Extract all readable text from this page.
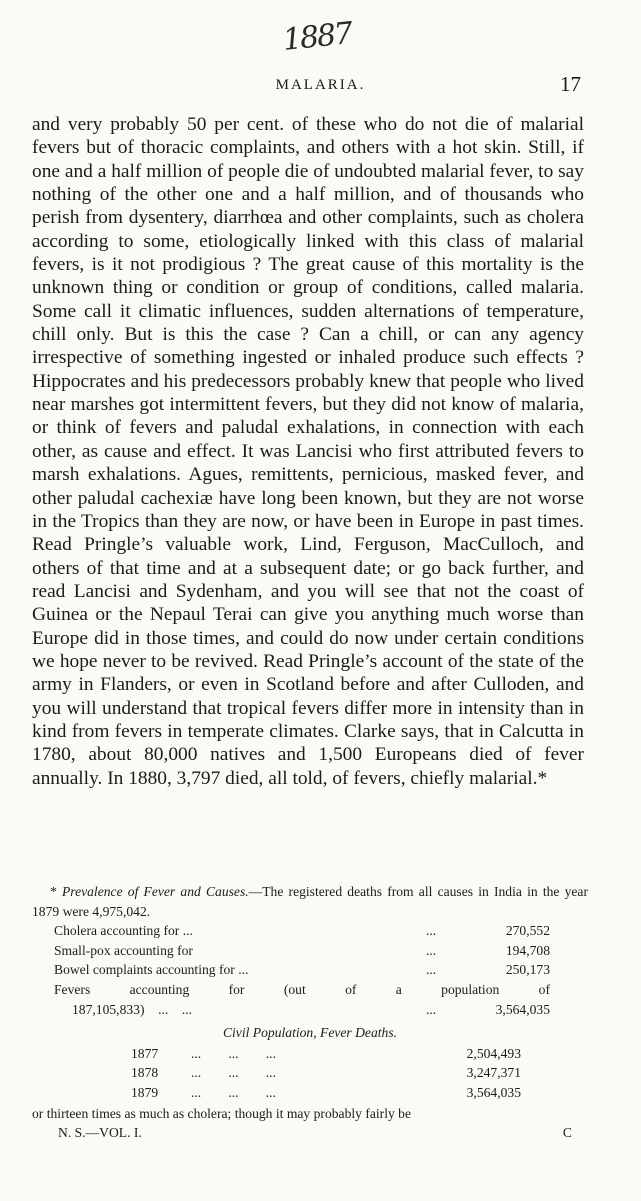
1887
MALARIA.	17

and very probably 50 per cent. of these who do not die of malarial fevers but of thoracic complaints, and others with a hot skin. Still, if one and a half million of people die of undoubted malarial fever, to say nothing of the other one and a half million, and of thousands who perish from dysentery, diarrhœa and other complaints, such as cholera according to some, etiologically linked with this class of malarial fevers, is it not prodigious ? The great cause of this mortality is the unknown thing or condition or group of conditions, called malaria. Some call it climatic influences, sudden alternations of temperature, chill only. But is this the case ? Can a chill, or can any agency irrespective of something ingested or inhaled produce such effects ? Hippocrates and his predecessors probably knew that people who lived near marshes got intermittent fevers, but they did not know of malaria, or think of fevers and paludal exhalations, in connection with each other, as cause and effect. It was Lancisi who first attributed fevers to marsh exhalations. Agues, remittents, pernicious, masked fever, and other paludal cachexiæ have long been known, but they are not worse in the Tropics than they are now, or have been in Europe in past times. Read Pringle’s valuable work, Lind, Ferguson, MacCulloch, and others of that time and at a subsequent date; or go back further, and read Lancisi and Sydenham, and you will see that not the coast of Guinea or the Nepaul Terai can give you anything much worse than Europe did in those times, and could do now under certain conditions we hope never to be revived. Read Pringle’s account of the state of the army in Flanders, or even in Scotland before and after Culloden, and you will understand that tropical fevers differ more in intensity than in kind from fevers in temperate climates. Clarke says, that in Calcutta in 1780, about 80,000 natives and 1,500 Europeans died of fever annually. In 1880, 3,797 died, all told, of fevers, chiefly malarial.*

* Prevalence of Fever and Causes.—The registered deaths from all causes in India in the year 1879 were 4,975,042.

Cholera accounting for ...	...	270,552
Small-pox accounting for	...	194,708
Bowel complaints accounting for ...	...	250,173
Fevers accounting for (out of a population of
187,105,833)    ...    ...	...	3,564,035

Civil Population, Fever Deaths.

1877	...        ...        ...	2,504,493
1878	...        ...        ...	3,247,371
1879	...        ...        ...	3,564,035

or thirteen times as much as cholera; though it may probably fairly be

N. S.—VOL. I.	C
